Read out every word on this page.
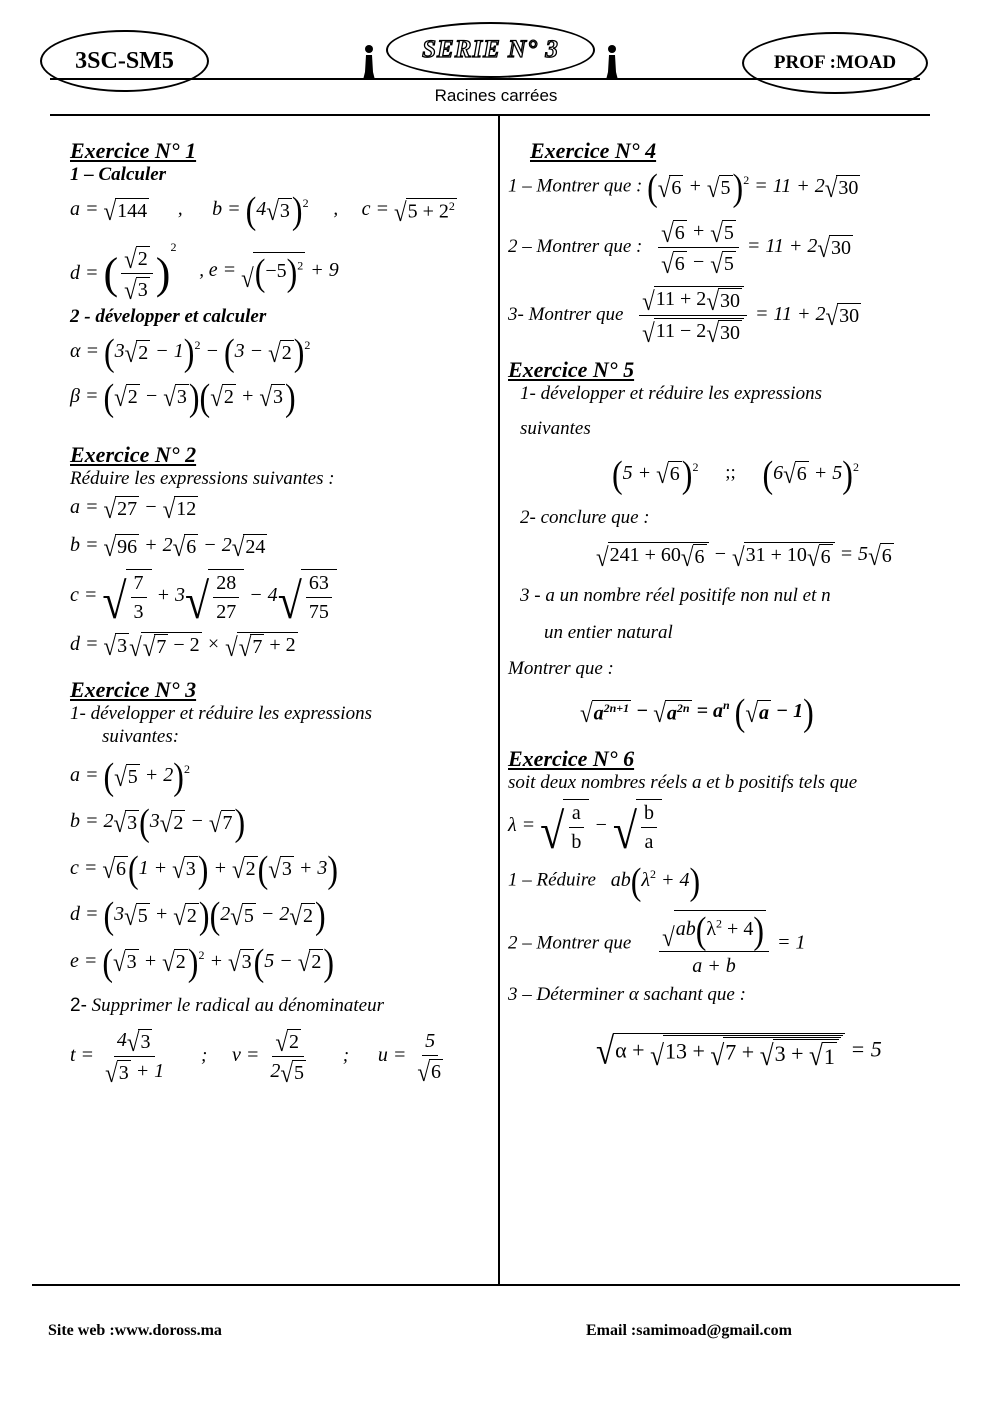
3SC-SM5	SERIE N° 3	PROF :MOAD
Racines carrées

Exercice N° 1

1 – Calculer
a = √ 144 ,  b = (4 √ 3 )$^2$ ,  c = √ $5 + 2^2$
d = ( $\frac{√ 2}{√ 3} )^2$ , e = √ $(-5)^2 + 9$
2 - développer et calculer
α = (3 √ 2 − 1)$^2$ − (3 − √ 2 )$^2$
β = ( √ 2 − √ 3 )( √ 2 + √ 3 )

Exercice N° 2

Réduire les expressions suivantes :
a = √ 27 − √ 12
b = √ 96 + 2 √ 6 − 2 √ 24
c = √ $\frac{7}{3} + 3$ √ $\frac{28}{27} - 4$ √ $\frac{63}{75}$
d = √ 3 √ √ 7 − 2 × √ √ 7 + 2

Exercice N° 3

1- développer et réduire les expressions
suivantes:
a = ( √ 5 + 2)$^2$
b = 2 √ 3 (3 √ 2 − √ 7 )
c = √ 6 (1 + √ 3 ) + √ 2 ( √ 3 + 3)
d = (3 √ 5 + √ 2 )(2 √ 5 − 2 √ 2 )
e = ( √ 3 + √ 2 )$^2$ + √ 3 (5 − √ 2 )
2- Supprimer le radical au dénominateur
$t = \frac{4 √ 3}{√ 3 + 1}$ ; $v = \frac{√ 2}{2 √ 5}$ ; $u = \frac{5}{√ 6}$

Exercice N° 4

1 – Montrer que : ( √ 6 + √ 5 )$^2$ = 11 + 2 √ 30
2 – Montrer que : $\frac{√ 6 + √ 5}{√ 6 - √ 5} = 11 + 2$ √ 30
3- Montrer que $\frac{√ 11 + 2 √ 30}{√ 11 - 2 √ 30} = 11 + 2$ √ 30

Exercice N° 5

1- développer et réduire les expressions
suivantes
(5 + √ 6 )$^2$ ;; (6 √ 6 + 5)$^2$
2- conclure que :
√ 241 + 60 √ 6 − √ 31 + 10 √ 6 = 5 √ 6
3 - a un nombre réel positife non nul et n
un entier natural
Montrer que :
√ $a^{2n+1}$ − √ $a^{2n} = a^n$ ( √ a − 1)

Exercice N° 6

soit deux nombres réels a et b positifs tels que
λ = √ $\frac{a}{b}$ − √ $\frac{b}{a}$
1 – Réduire $ab(\lambda^2 + 4)$
2 – Montrer que $\frac{√ ab(\lambda^2 + 4)}{a + b} = 1$
3 – Déterminer α sachant que :
√ α + √ 13 + √ 7 + √ 3 + √ 1 = 5
Site web :www.doross.ma	Email :samimoad@gmail.com
